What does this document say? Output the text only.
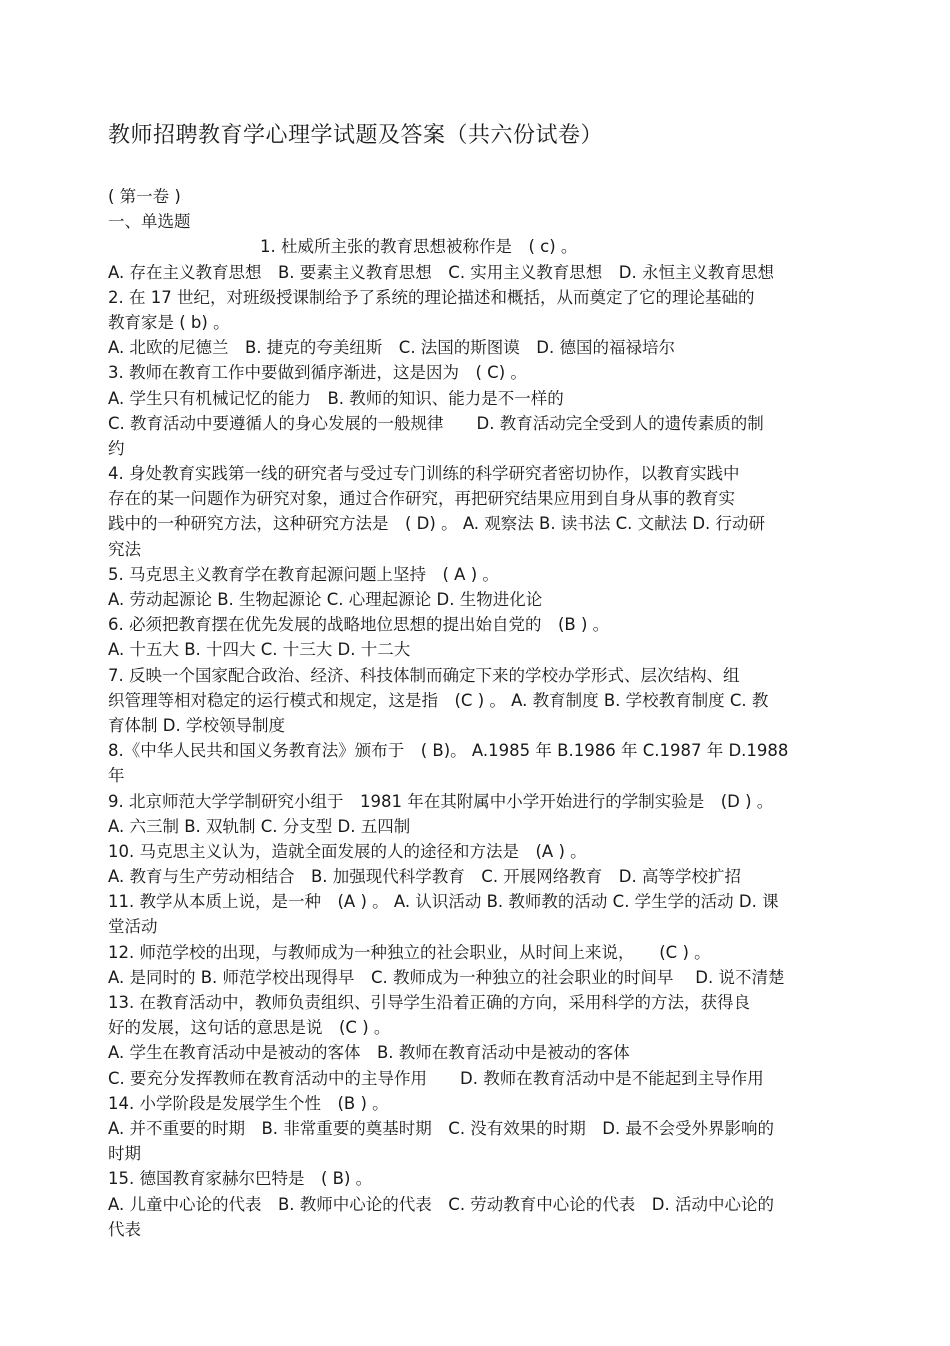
教师招聘教育学心理学试题及答案（共六份试卷）
( 第一卷 )
一、单选题
1. 杜威所主张的教育思想被称作是　( c) 。
A. 存在主义教育思想　B. 要素主义教育思想　C. 实用主义教育思想　D. 永恒主义教育思想
2. 在 17 世纪，对班级授课制给予了系统的理论描述和概括，从而奠定了它的理论基础的
教育家是 ( b) 。
A. 北欧的尼德兰　B. 捷克的夸美纽斯　C. 法国的斯图谟　D. 德国的福禄培尔
3. 教师在教育工作中要做到循序渐进，这是因为　( C) 。
A. 学生只有机械记忆的能力　B. 教师的知识、能力是不一样的
C. 教育活动中要遵循人的身心发展的一般规律　　D. 教育活动完全受到人的遗传素质的制
约
4. 身处教育实践第一线的研究者与受过专门训练的科学研究者密切协作，以教育实践中
存在的某一问题作为研究对象，通过合作研究，再把研究结果应用到自身从事的教育实
践中的一种研究方法，这种研究方法是　( D) 。 A. 观察法 B. 读书法 C. 文献法 D. 行动研
究法
5. 马克思主义教育学在教育起源问题上坚持　( A ) 。
A. 劳动起源论 B. 生物起源论 C. 心理起源论 D. 生物进化论
6. 必须把教育摆在优先发展的战略地位思想的提出始自党的　(B ) 。
A. 十五大 B. 十四大 C. 十三大 D. 十二大
7. 反映一个国家配合政治、经济、科技体制而确定下来的学校办学形式、层次结构、组
织管理等相对稳定的运行模式和规定，这是指　(C ) 。 A. 教育制度 B. 学校教育制度 C. 教
育体制 D. 学校领导制度
8.《中华人民共和国义务教育法》颁布于　( B)。 A.1985 年 B.1986 年 C.1987 年 D.1988
年
9. 北京师范大学学制研究小组于　1981 年在其附属中小学开始进行的学制实验是　(D ) 。
A. 六三制 B. 双轨制 C. 分支型 D. 五四制
10. 马克思主义认为，造就全面发展的人的途径和方法是　(A ) 。
A. 教育与生产劳动相结合　B. 加强现代科学教育　C. 开展网络教育　D. 高等学校扩招
11. 教学从本质上说，是一种　(A ) 。 A. 认识活动 B. 教师教的活动 C. 学生学的活动 D. 课
堂活动
12. 师范学校的出现，与教师成为一种独立的社会职业，从时间上来说，　　(C ) 。
A. 是同时的 B. 师范学校出现得早　C. 教师成为一种独立的社会职业的时间早　 D. 说不清楚
13. 在教育活动中，教师负责组织、引导学生沿着正确的方向，采用科学的方法，获得良
好的发展，这句话的意思是说　(C ) 。
A. 学生在教育活动中是被动的客体　B. 教师在教育活动中是被动的客体
C. 要充分发挥教师在教育活动中的主导作用　　D. 教师在教育活动中是不能起到主导作用
14. 小学阶段是发展学生个性　(B ) 。
A. 并不重要的时期　B. 非常重要的奠基时期　C. 没有效果的时期　D. 最不会受外界影响的
时期
15. 德国教育家赫尔巴特是　( B) 。
A. 儿童中心论的代表　B. 教师中心论的代表　C. 劳动教育中心论的代表　D. 活动中心论的
代表
